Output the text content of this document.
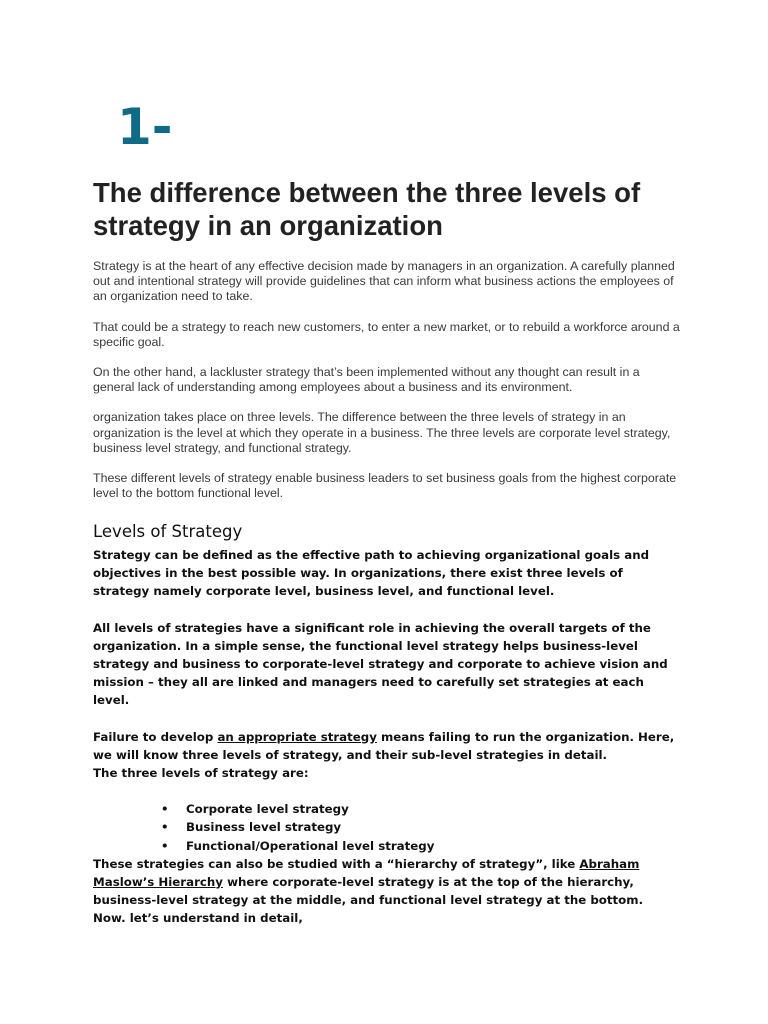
1-
The difference between the three levels of strategy in an organization

Strategy is at the heart of any effective decision made by managers in an organization. A carefully planned out and intentional strategy will provide guidelines that can inform what business actions the employees of an organization need to take.

That could be a strategy to reach new customers, to enter a new market, or to rebuild a workforce around a specific goal.

On the other hand, a lackluster strategy that’s been implemented without any thought can result in a general lack of understanding among employees about a business and its environment.

organization takes place on three levels. The difference between the three levels of strategy in an organization is the level at which they operate in a business. The three levels are corporate level strategy, business level strategy, and functional strategy.

These different levels of strategy enable business leaders to set business goals from the highest corporate level to the bottom functional level.

Levels of Strategy

Strategy can be defined as the effective path to achieving organizational goals and objectives in the best possible way. In organizations, there exist three levels of strategy namely corporate level, business level, and functional level.

All levels of strategies have a significant role in achieving the overall targets of the organization. In a simple sense, the functional level strategy helps business-level strategy and business to corporate-level strategy and corporate to achieve vision and mission – they all are linked and managers need to carefully set strategies at each level.

Failure to develop an appropriate strategy means failing to run the organization. Here, we will know three levels of strategy, and their sub-level strategies in detail.

The three levels of strategy are:

• Corporate level strategy
• Business level strategy
• Functional/Operational level strategy

These strategies can also be studied with a “hierarchy of strategy”, like Abraham Maslow’s Hierarchy where corporate-level strategy is at the top of the hierarchy, business-level strategy at the middle, and functional level strategy at the bottom.

Now. let’s understand in detail,
